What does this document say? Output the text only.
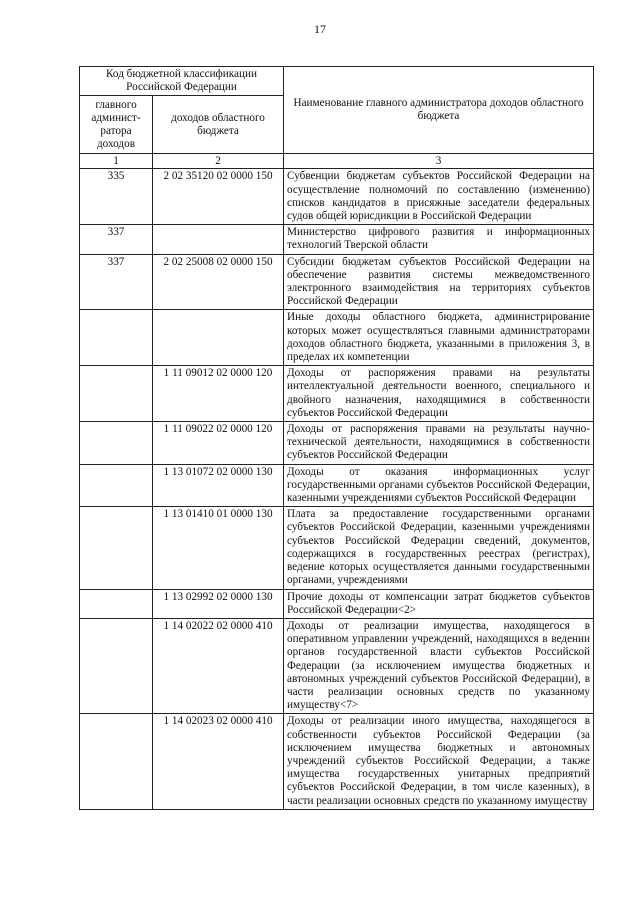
17
Код бюджетной классификации Российской Федерации		Наименование главного администратора доходов областного бюджета
главного админист-ратора доходов	доходов областного бюджета	
1	2	3
335	2 02 35120 02 0000 150	Субвенции бюджетам субъектов Российской Федерации на осуществление полномочий по составлению (изменению) списков кандидатов в присяжные заседатели федеральных судов общей юрисдикции в Российской Федерации
337		Министерство цифрового развития и информационных технологий Тверской области
337	2 02 25008 02 0000 150	Субсидии бюджетам субъектов Российской Федерации на обеспечение развития системы межведомственного электронного взаимодействия на территориях субъектов Российской Федерации
		Иные доходы областного бюджета, администрирование которых может осуществляться главными администраторами доходов областного бюджета, указанными в приложения 3, в пределах их компетенции
	1 11 09012 02 0000 120	Доходы от распоряжения правами на результаты интеллектуальной деятельности военного, специального и двойного назначения, находящимися в собственности субъектов Российской Федерации
	1 11 09022 02 0000 120	Доходы от распоряжения правами на результаты научно-технической деятельности, находящимися в собственности субъектов Российской Федерации
	1 13 01072 02 0000 130	Доходы от оказания информационных услуг государственными органами субъектов Российской Федерации, казенными учреждениями субъектов Российской Федерации
	1 13 01410 01 0000 130	Плата за предоставление государственными органами субъектов Российской Федерации, казенными учреждениями субъектов Российской Федерации сведений, документов, содержащихся в государственных реестрах (регистрах), ведение которых осуществляется данными государственными органами, учреждениями
	1 13 02992 02 0000 130	Прочие доходы от компенсации затрат бюджетов субъектов Российской Федерации<2>
	1 14 02022 02 0000 410	Доходы от реализации имущества, находящегося в оперативном управлении учреждений, находящихся в ведении органов государственной власти субъектов Российской Федерации (за исключением имущества бюджетных и автономных учреждений субъектов Российской Федерации), в части реализации основных средств по указанному имуществу<7>
	1 14 02023 02 0000 410	Доходы от реализации иного имущества, находящегося в собственности субъектов Российской Федерации (за исключением имущества бюджетных и автономных учреждений субъектов Российской Федерации, а также имущества государственных унитарных предприятий субъектов Российской Федерации, в том числе казенных), в части реализации основных средств по указанному имуществу
